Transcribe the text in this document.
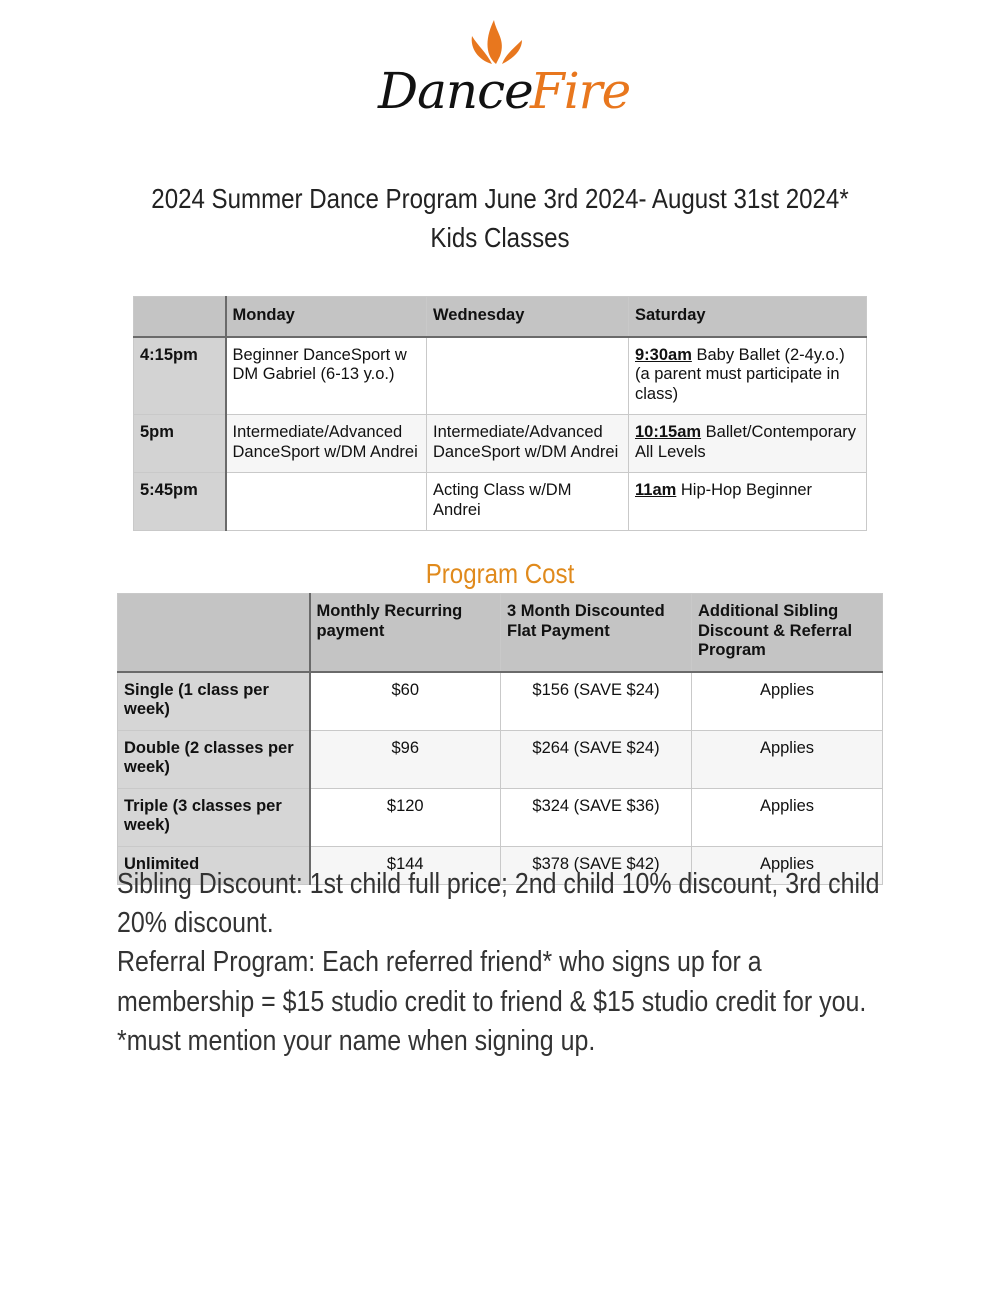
Dance
Fire
2024 Summer Dance Program June 3rd 2024- August 31st 2024*
Kids Classes
	Monday	Wednesday	Saturday
4:15pm	Beginner DanceSport w DM Gabriel (6-13 y.o.)		9:30am Baby Ballet (2-4y.o.) (a parent must participate in class)
5pm	Intermediate/Advanced DanceSport w/DM Andrei	Intermediate/Advanced DanceSport w/DM Andrei	10:15am Ballet/Contemporary All Levels
5:45pm		Acting Class w/DM Andrei	11am Hip-Hop Beginner
Program Cost
	Monthly Recurring payment	3 Month Discounted Flat Payment	Additional Sibling Discount & Referral Program
Single (1 class per week)	$60	$156 (SAVE $24)	Applies
Double (2 classes per week)	$96	$264 (SAVE $24)	Applies
Triple (3 classes per week)	$120	$324 (SAVE $36)	Applies
Unlimited	$144	$378 (SAVE $42)	Applies

Sibling Discount: 1st child full price; 2nd child 10% discount, 3rd child

20% discount.

Referral Program: Each referred friend* who signs up for a

membership = $15 studio credit to friend & $15 studio credit for you.

*must mention your name when signing up.
